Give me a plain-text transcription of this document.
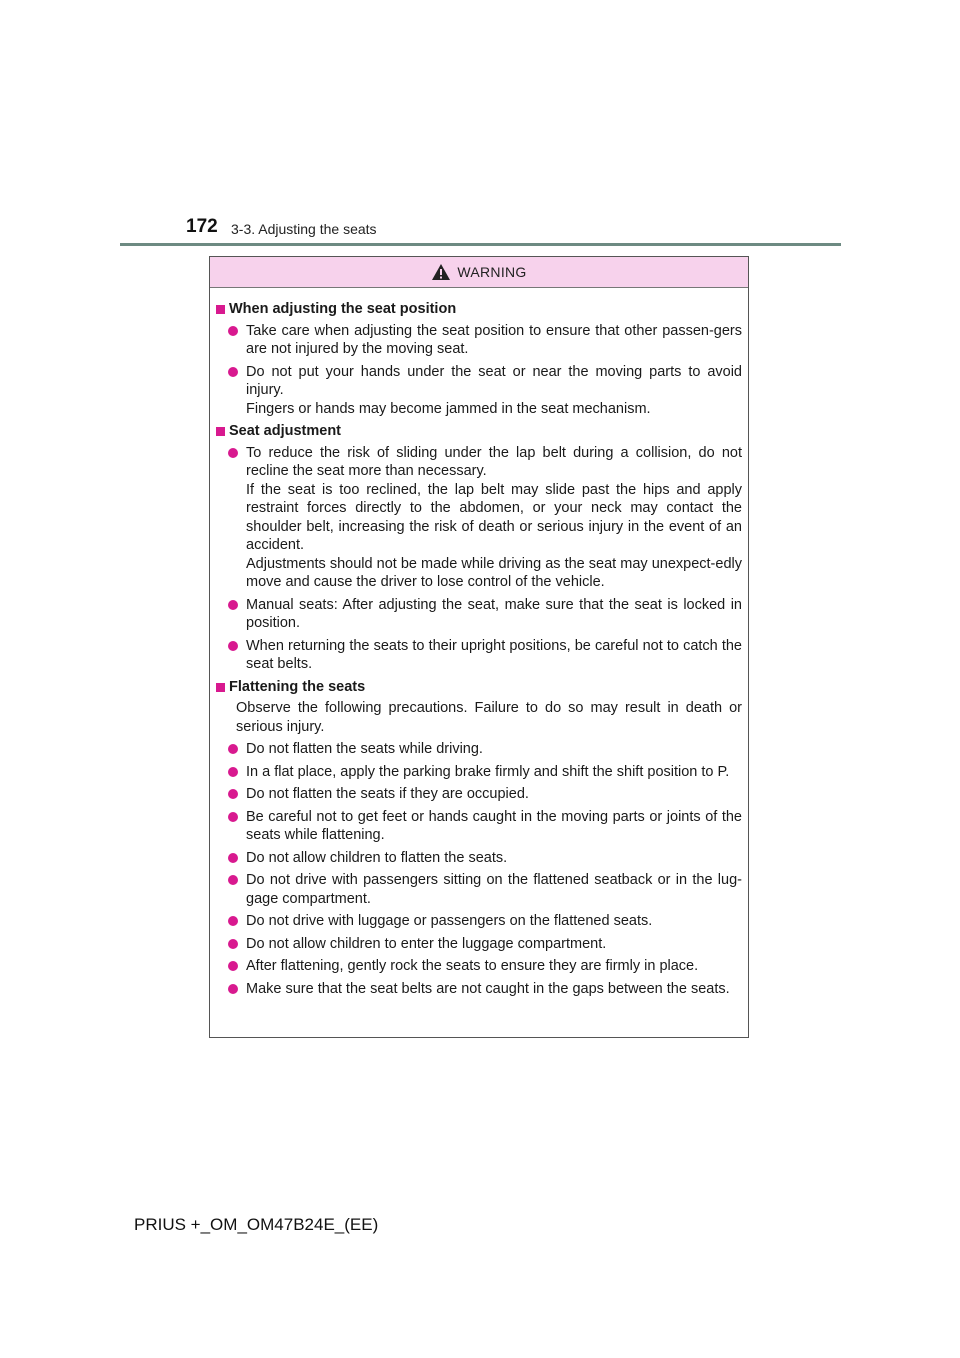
172 3-3. Adjusting the seats
WARNING
When adjusting the seat position

Take care when adjusting the seat position to ensure that other passen-gers are not injured by the moving seat.

Do not put your hands under the seat or near the moving parts to avoid injury.

Fingers or hands may become jammed in the seat mechanism.

Seat adjustment

To reduce the risk of sliding under the lap belt during a collision, do not recline the seat more than necessary.

If the seat is too reclined, the lap belt may slide past the hips and apply restraint forces directly to the abdomen, or your neck may contact the shoulder belt, increasing the risk of death or serious injury in the event of an accident.

Adjustments should not be made while driving as the seat may unexpect-edly move and cause the driver to lose control of the vehicle.

Manual seats: After adjusting the seat, make sure that the seat is locked in position.

When returning the seats to their upright positions, be careful not to catch the seat belts.

Flattening the seats
Observe the following precautions. Failure to do so may result in death or serious injury.

Do not flatten the seats while driving.

In a flat place, apply the parking brake firmly and shift the shift position to P.

Do not flatten the seats if they are occupied.

Be careful not to get feet or hands caught in the moving parts or joints of the seats while flattening.

Do not allow children to flatten the seats.

Do not drive with passengers sitting on the flattened seatback or in the lug-gage compartment.

Do not drive with luggage or passengers on the flattened seats.

Do not allow children to enter the luggage compartment.

After flattening, gently rock the seats to ensure they are firmly in place.

Make sure that the seat belts are not caught in the gaps between the seats.

PRIUS +_OM_OM47B24E_(EE)
